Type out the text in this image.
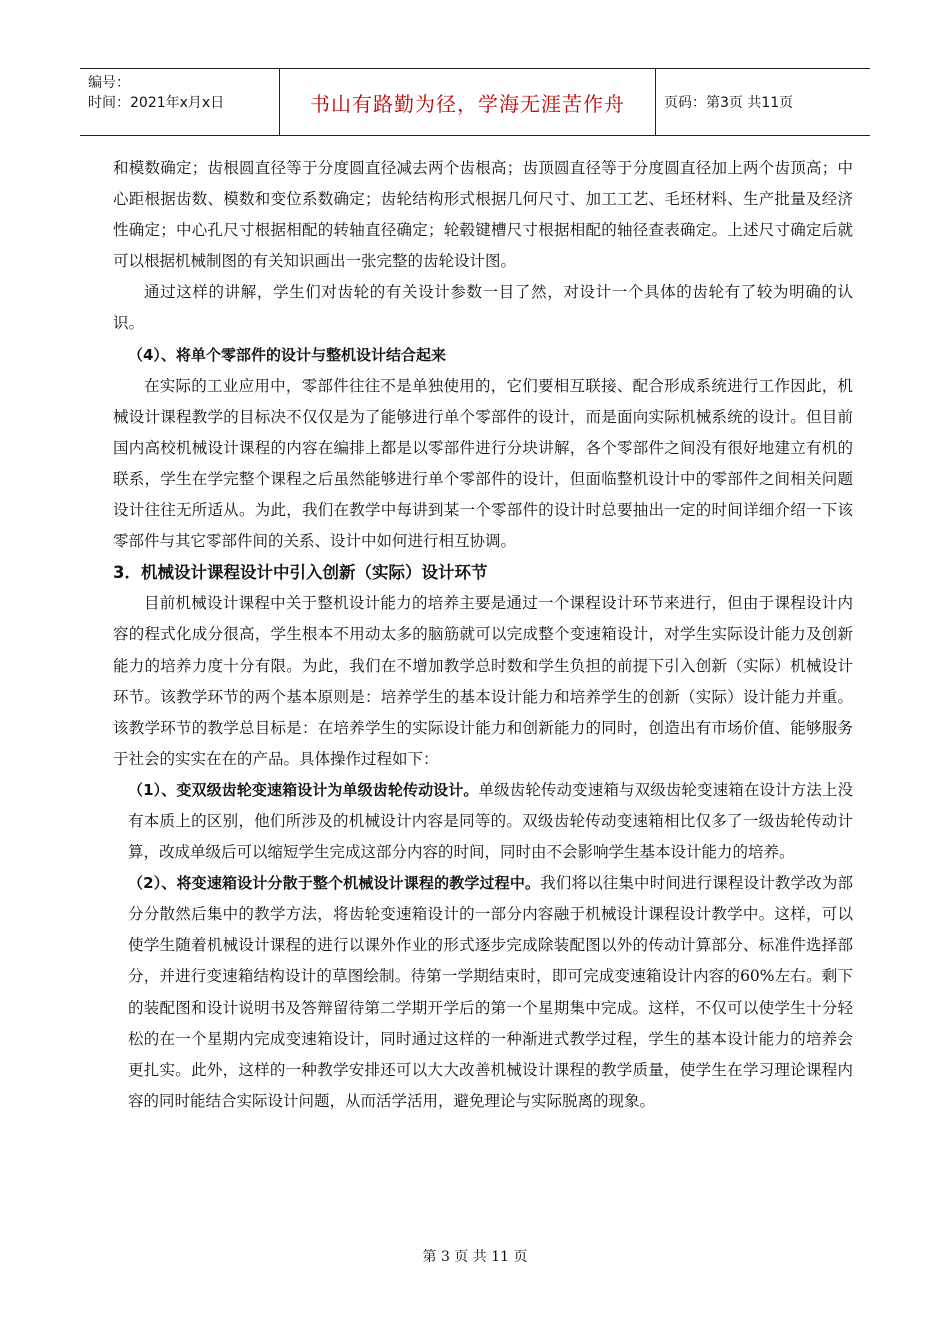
编号：
时间：2021年x月x日	书山有路勤为径，学海无涯苦作舟	页码：第3页 共11页

和模数确定；齿根圆直径等于分度圆直径减去两个齿根高；齿顶圆直径等于分度圆直径加上两个齿顶高；中心距根据齿数、模数和变位系数确定；齿轮结构形式根据几何尺寸、加工工艺、毛坯材料、生产批量及经济性确定；中心孔尺寸根据相配的转轴直径确定；轮毂键槽尺寸根据相配的轴径查表确定。上述尺寸确定后就可以根据机械制图的有关知识画出一张完整的齿轮设计图。

通过这样的讲解，学生们对齿轮的有关设计参数一目了然，对设计一个具体的齿轮有了较为明确的认识。

（4）、将单个零部件的设计与整机设计结合起来

在实际的工业应用中，零部件往往不是单独使用的，它们要相互联接、配合形成系统进行工作因此，机械设计课程教学的目标决不仅仅是为了能够进行单个零部件的设计，而是面向实际机械系统的设计。但目前国内高校机械设计课程的内容在编排上都是以零部件进行分块讲解，各个零部件之间没有很好地建立有机的联系，学生在学完整个课程之后虽然能够进行单个零部件的设计，但面临整机设计中的零部件之间相关问题设计往往无所适从。为此，我们在教学中每讲到某一个零部件的设计时总要抽出一定的时间详细介绍一下该零部件与其它零部件间的关系、设计中如何进行相互协调。

3．机械设计课程设计中引入创新（实际）设计环节

目前机械设计课程中关于整机设计能力的培养主要是通过一个课程设计环节来进行，但由于课程设计内容的程式化成分很高，学生根本不用动太多的脑筋就可以完成整个变速箱设计，对学生实际设计能力及创新能力的培养力度十分有限。为此，我们在不增加教学总时数和学生负担的前提下引入创新（实际）机械设计环节。该教学环节的两个基本原则是：培养学生的基本设计能力和培养学生的创新（实际）设计能力并重。该教学环节的教学总目标是：在培养学生的实际设计能力和创新能力的同时，创造出有市场价值、能够服务于社会的实实在在的产品。具体操作过程如下：

（1）、变双级齿轮变速箱设计为单级齿轮传动设计。单级齿轮传动变速箱与双级齿轮变速箱在设计方法上没有本质上的区别，他们所涉及的机械设计内容是同等的。双级齿轮传动变速箱相比仅多了一级齿轮传动计算，改成单级后可以缩短学生完成这部分内容的时间，同时由不会影响学生基本设计能力的培养。

（2）、将变速箱设计分散于整个机械设计课程的教学过程中。我们将以往集中时间进行课程设计教学改为部分分散然后集中的教学方法，将齿轮变速箱设计的一部分内容融于机械设计课程设计教学中。这样，可以使学生随着机械设计课程的进行以课外作业的形式逐步完成除装配图以外的传动计算部分、标准件选择部分，并进行变速箱结构设计的草图绘制。待第一学期结束时，即可完成变速箱设计内容的60%左右。剩下的装配图和设计说明书及答辩留待第二学期开学后的第一个星期集中完成。这样，不仅可以使学生十分轻松的在一个星期内完成变速箱设计，同时通过这样的一种渐进式教学过程，学生的基本设计能力的培养会更扎实。此外，这样的一种教学安排还可以大大改善机械设计课程的教学质量，使学生在学习理论课程内容的同时能结合实际设计问题，从而活学活用，避免理论与实际脱离的现象。

第 3 页 共 11 页
